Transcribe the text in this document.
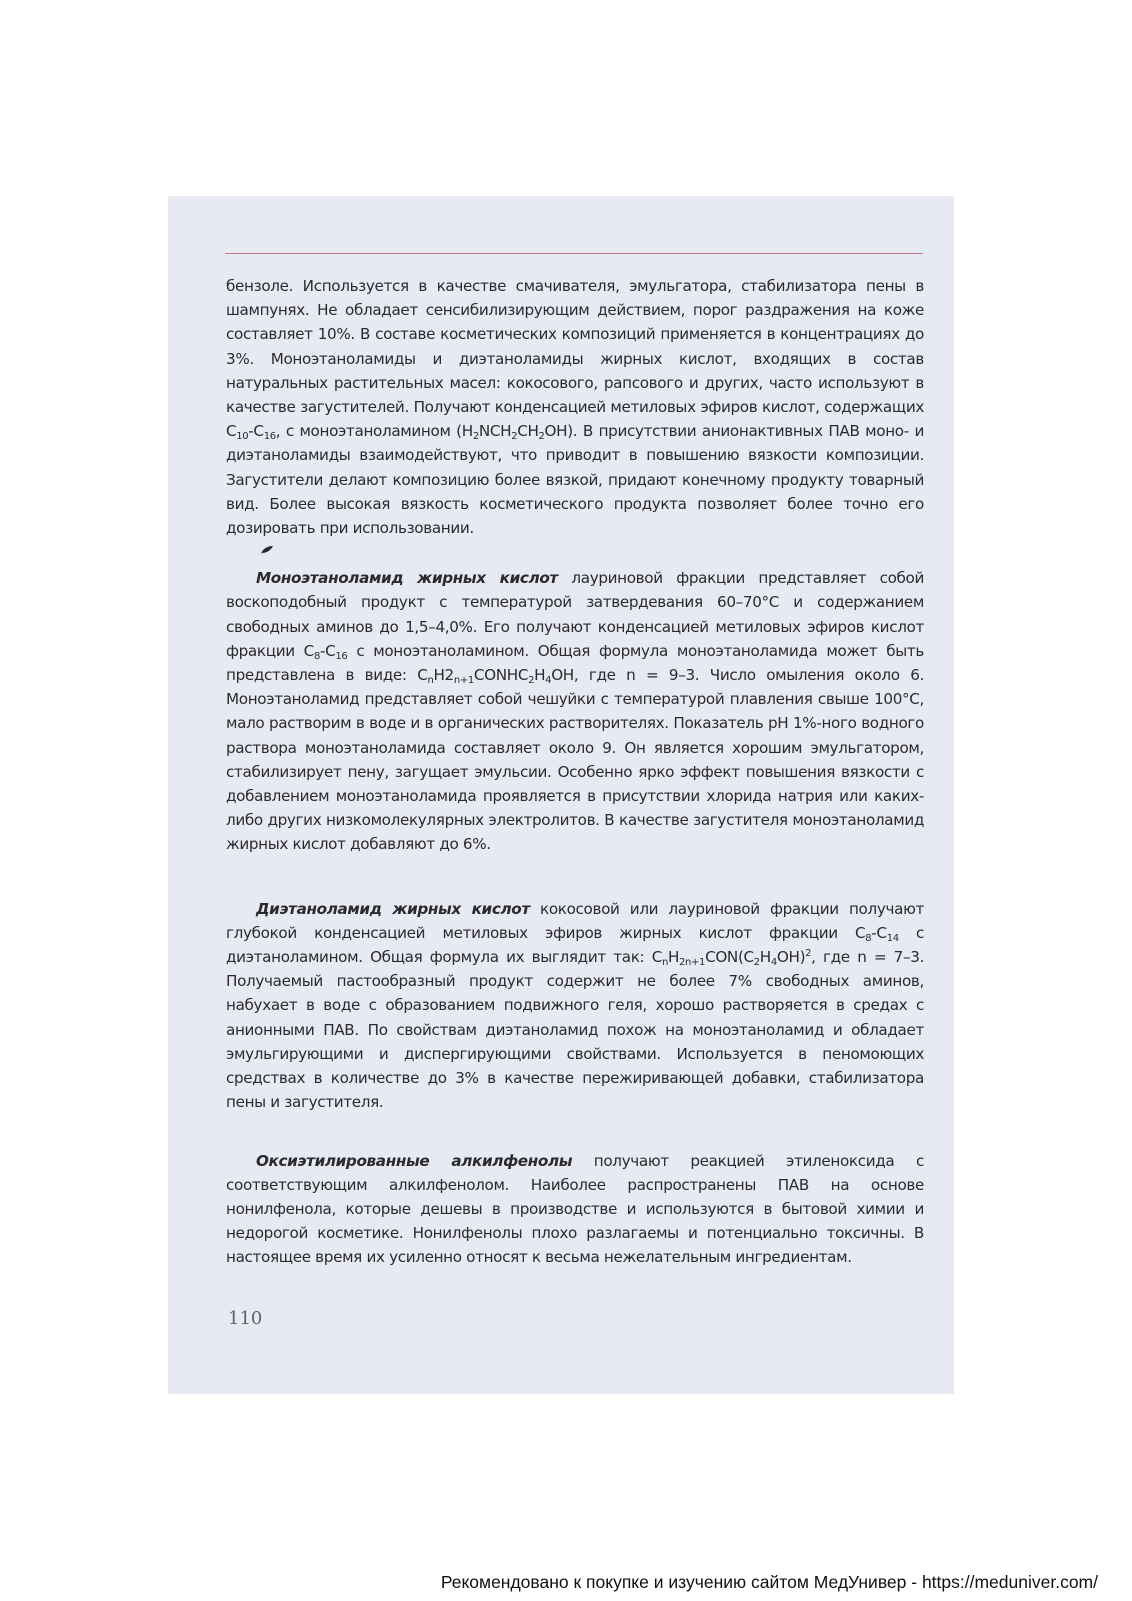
бензоле. Используется в качестве смачивателя, эмульгатора, стабилизатора пены в шампунях. Не обладает сенсибилизирующим действием, порог раздражения на коже составляет 10%. В составе косметических композиций применяется в концентрациях до 3%. Моноэтаноламиды и диэтаноламиды жирных кислот, входящих в состав натуральных растительных масел: кокосового, рапсового и других, часто используют в качестве загустителей. Получают конденсацией метиловых эфиров кислот, содержащих $C_{10}-C_{16}$, с моноэтаноламином $(H_2NCH_2CH_2OH)$. В присутствии анионактивных ПАВ моно- и диэтаноламиды взаимодействуют, что приводит в повышению вязкости композиции. Загустители делают композицию более вязкой, придают конечному продукту товарный вид. Более высокая вязкость косметического продукта позволяет более точно его дозировать при использовании.

Моноэтаноламид жирных кислот лауриновой фракции представляет собой воскоподобный продукт с температурой затвердевания 60–70°С и содержанием свободных аминов до 1,5–4,0%. Его получают конденсацией метиловых эфиров кислот фракции $C_8-C_{16}$ с моноэтаноламином. Общая формула моноэтаноламида может быть представлена в виде: $C_nH2_{n+1}CONHC_2H_4OH$, где n = 9–3. Число омыления около 6. Моноэтаноламид представляет собой чешуйки с температурой плавления свыше 100°С, мало растворим в воде и в органических растворителях. Показатель pH 1%-ного водного раствора моноэтаноламида составляет около 9. Он является хорошим эмульгатором, стабилизирует пену, загущает эмульсии. Особенно ярко эффект повышения вязкости с добавлением моноэтаноламида проявляется в присутствии хлорида натрия или каких-либо других низкомолекулярных электролитов. В качестве загустителя моноэтаноламид жирных кислот добавляют до 6%.

Диэтаноламид жирных кислот кокосовой или лауриновой фракции получают глубокой конденсацией метиловых эфиров жирных кислот фракции $C_8-C_{14}$ с диэтаноламином. Общая формула их выглядит так: $C_nH_{2n+1}CON(C_2H_4OH)^2$, где n = 7–3. Получаемый пастообразный продукт содержит не более 7% свободных аминов, набухает в воде с образованием подвижного геля, хорошо растворяется в средах с анионными ПАВ. По свойствам диэтаноламид похож на моноэтаноламид и обладает эмульгирующими и диспергирующими свойствами. Используется в пеномоющих средствах в количестве до 3% в качестве пережиривающей добавки, стабилизатора пены и загустителя.

Оксиэтилированные алкилфенолы получают реакцией этиленоксида с соответствующим алкилфенолом. Наиболее распространены ПАВ на основе нонилфенола, которые дешевы в производстве и используются в бытовой химии и недорогой косметике. Нонилфенолы плохо разлагаемы и потенциально токсичны. В настоящее время их усиленно относят к весьма нежелательным ингредиентам.

110
Рекомендовано к покупке и изучению сайтом МедУнивер - https://meduniver.com/
